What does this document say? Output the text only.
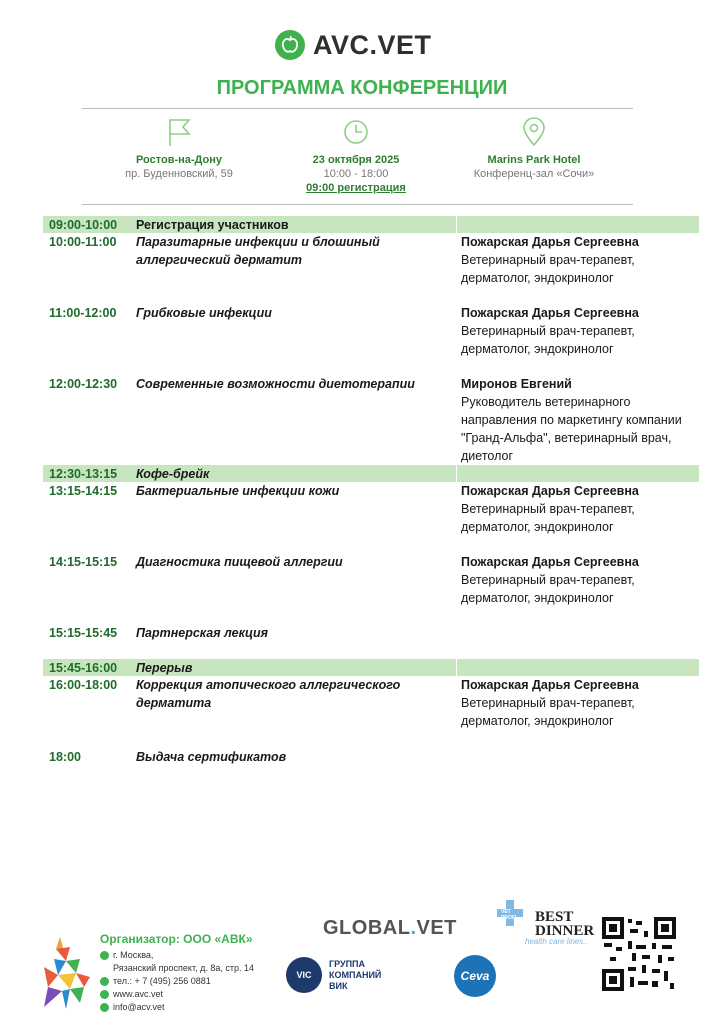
AVC.VET
ПРОГРАММА КОНФЕРЕНЦИИ
Ростов-на-Дону
пр. Буденновский, 59
23 октября 2025
10:00 - 18:00
09:00 регистрация
Marins Park Hotel
Конференц-зал «Сочи»
09:00-10:00	Регистрация участников
10:00-11:00	Паразитарные инфекции и блошиный аллергический дерматит
Пожарская Дарья Сергеевна
Ветеринарный врач-терапевт, дерматолог, эндокринолог
11:00-12:00	Грибковые инфекции	Пожарская Дарья Сергеевна
Ветеринарный врач-терапевт, дерматолог, эндокринолог
12:00-12:30	Современные возможности диетотерапии	Миронов Евгений
Руководитель ветеринарного направления по маркетингу компании "Гранд-Альфа", ветеринарный врач, диетолог
12:30-13:15	Кофе-брейк
13:15-14:15	Бактериальные инфекции кожи	Пожарская Дарья Сергеевна
Ветеринарный врач-терапевт, дерматолог, эндокринолог
14:15-15:15	Диагностика пищевой аллергии	Пожарская Дарья Сергеевна
Ветеринарный врач-терапевт, дерматолог, эндокринолог
15:15-15:45	Партнерская лекция
15:45-16:00	Перерыв
16:00-18:00	Коррекция атопического аллергического дерматита
Пожарская Дарья Сергеевна
Ветеринарный врач-терапевт, дерматолог, эндокринолог
18:00	Выдача сертификатов
Организатор: ООО «АВК»
г. Москва,
Рязанский проспект, д. 8а, стр. 14
тел.: + 7 (495) 256 0881
www.avc.vet
info@acv.vet
GLOBAL.VET
VIC
ГРУППА
КОМПАНИЙ
ВИК
Ceva
VET PROFI BEST
DINNER
health care lines..
